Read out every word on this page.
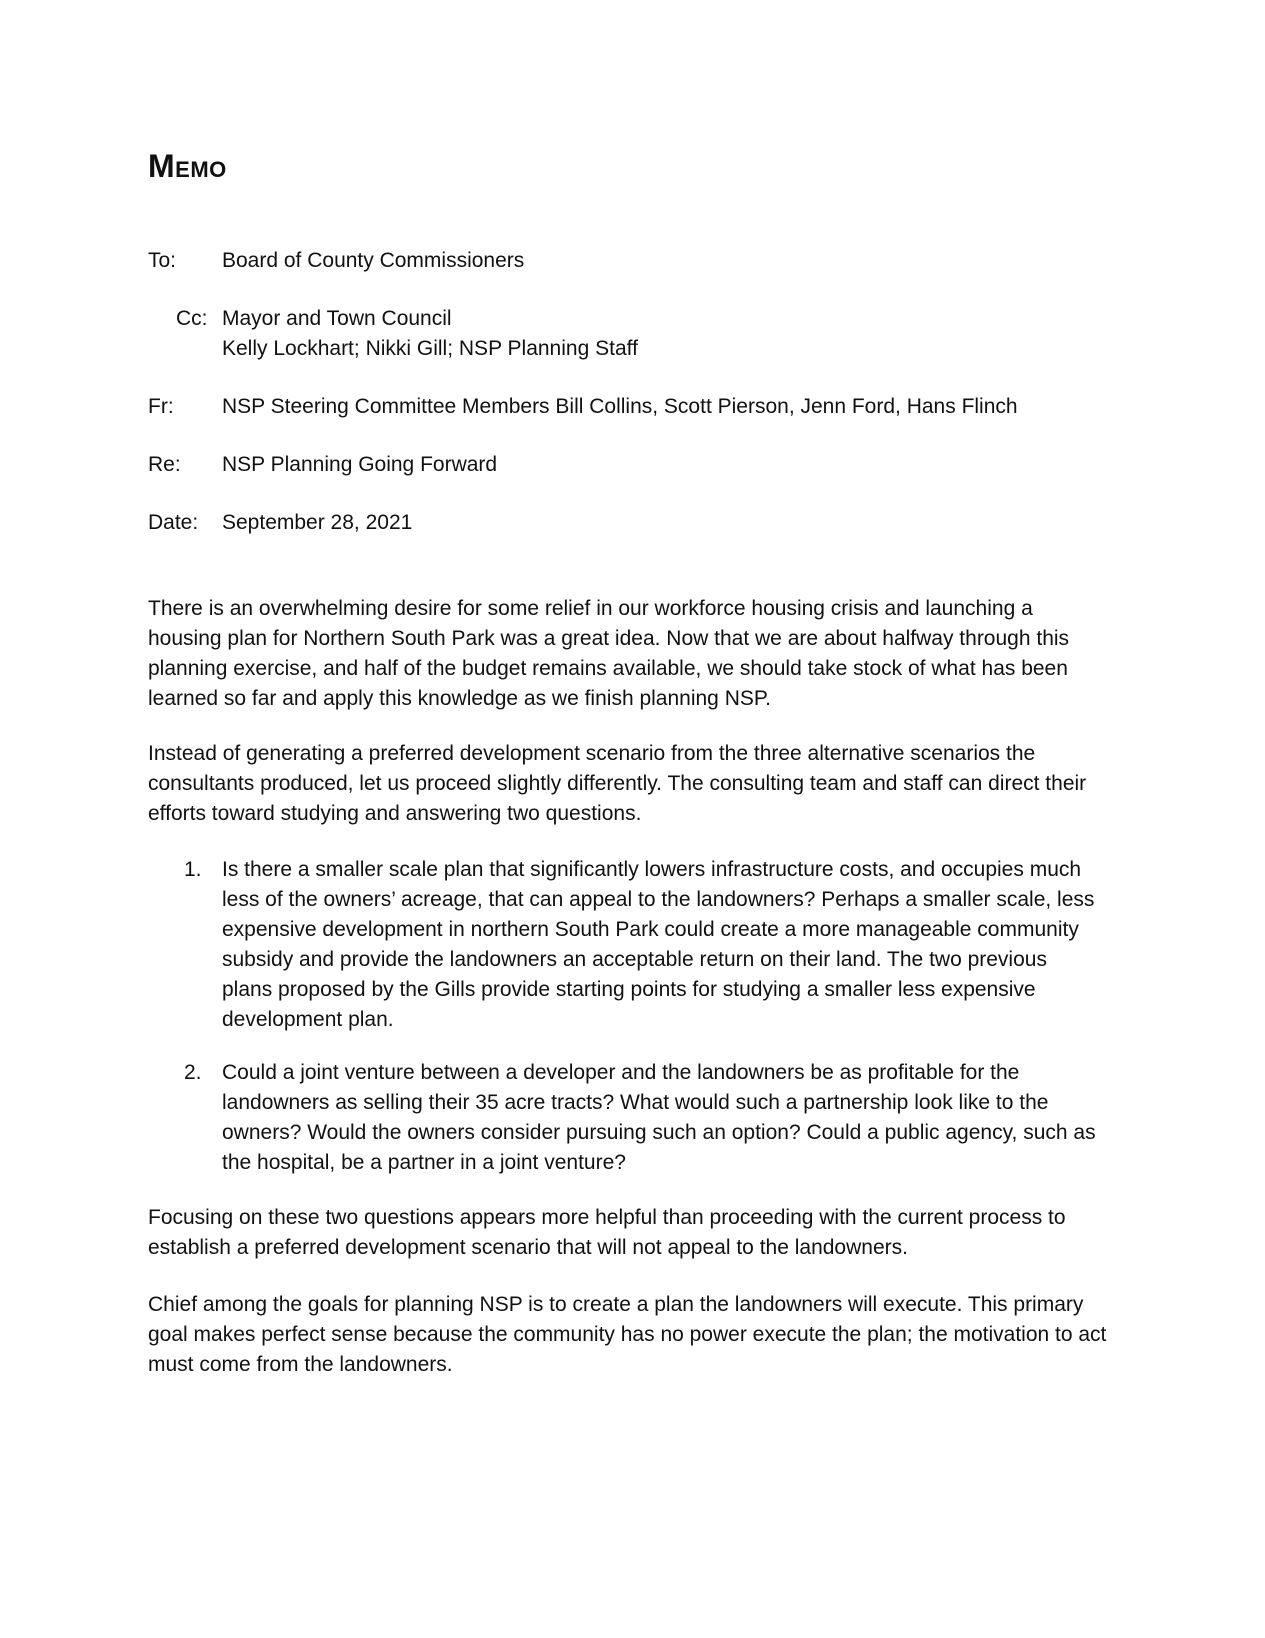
Memo
To: Board of County Commissioners
Cc: Mayor and Town Council
Kelly Lockhart; Nikki Gill; NSP Planning Staff
Fr: NSP Steering Committee Members Bill Collins, Scott Pierson, Jenn Ford, Hans Flinch
Re: NSP Planning Going Forward
Date: September 28, 2021

There is an overwhelming desire for some relief in our workforce housing crisis and launching a housing plan for Northern South Park was a great idea. Now that we are about halfway through this planning exercise, and half of the budget remains available, we should take stock of what has been learned so far and apply this knowledge as we finish planning NSP.

Instead of generating a preferred development scenario from the three alternative scenarios the consultants produced, let us proceed slightly differently. The consulting team and staff can direct their efforts toward studying and answering two questions.

1. Is there a smaller scale plan that significantly lowers infrastructure costs, and occupies much less of the owners’ acreage, that can appeal to the landowners? Perhaps a smaller scale, less expensive development in northern South Park could create a more manageable community subsidy and provide the landowners an acceptable return on their land. The two previous plans proposed by the Gills provide starting points for studying a smaller less expensive development plan.
2. Could a joint venture between a developer and the landowners be as profitable for the landowners as selling their 35 acre tracts? What would such a partnership look like to the owners? Would the owners consider pursuing such an option? Could a public agency, such as the hospital, be a partner in a joint venture?

Focusing on these two questions appears more helpful than proceeding with the current process to establish a preferred development scenario that will not appeal to the landowners.

Chief among the goals for planning NSP is to create a plan the landowners will execute. This primary goal makes perfect sense because the community has no power execute the plan; the motivation to act must come from the landowners.
